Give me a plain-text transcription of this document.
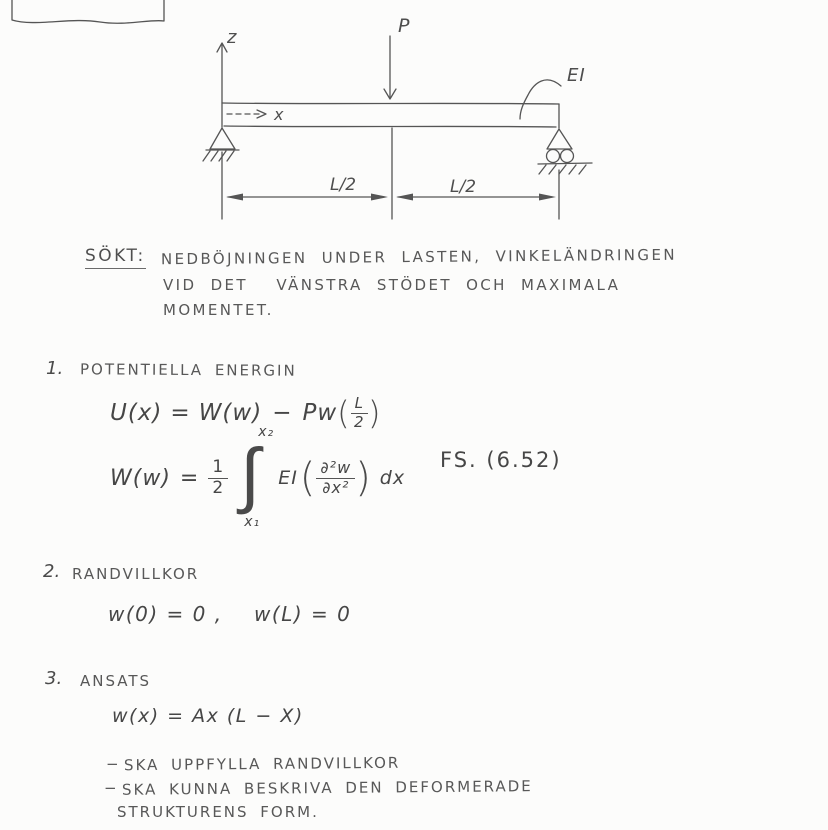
z
x
P
EI
L/2	L/2
SÖKT: NEDBÖJNINGEN UNDER LASTEN, VINKELÄNDRINGEN
VID DET  VÄNSTRA STÖDET OCH MAXIMALA
MOMENTET.
1. POTENTIELLA ENERGIN
U(x) = W(w) − Pw ( $\frac{L}{2}$ )
$W(w) = \frac{1}{2}$ ∫
x₂
x₁
EI ( $\frac{\text{∂²w}}{\text{∂x²}}$ ) dx
FS. (6.52)
2. RANDVILLKOR
w(0) = 0 ,    w(L) = 0
3. ANSATS
w(x) = Ax (L − X)
− SKA UPPFYLLA RANDVILLKOR
− SKA KUNNA BESKRIVA DEN DEFORMERADE
STRUKTURENS FORM.
